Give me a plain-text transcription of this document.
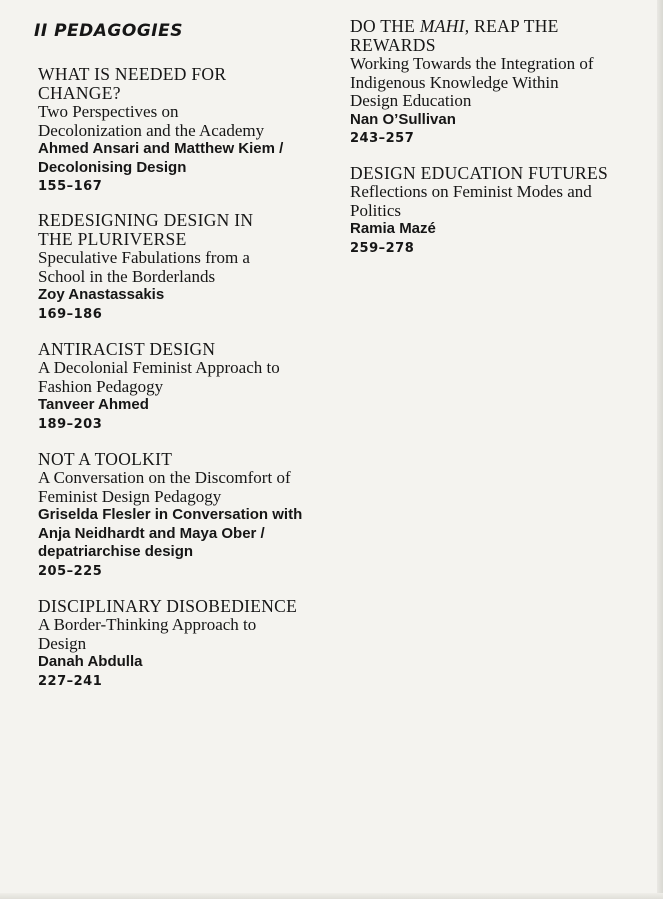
II PEDAGOGIES
WHAT IS NEEDED FOR CHANGE?
Two Perspectives on Decolonization and the Academy
Ahmed Ansari and Matthew Kiem / Decolonising Design
155–167
REDESIGNING DESIGN IN THE PLURIVERSE
Speculative Fabulations from a School in the Borderlands
Zoy Anastassakis
169–186
ANTIRACIST DESIGN
A Decolonial Feminist Approach to Fashion Pedagogy
Tanveer Ahmed
189–203
NOT A TOOLKIT
A Conversation on the Discomfort of Feminist Design Pedagogy
Griselda Flesler in Conversation with Anja Neidhardt and Maya Ober / depatriarchise design
205–225
DISCIPLINARY DISOBEDIENCE
A Border-Thinking Approach to Design
Danah Abdulla
227–241
DO THE MAHI, REAP THE REWARDS
Working Towards the Integration of Indigenous Knowledge Within Design Education
Nan O’Sullivan
243–257
DESIGN EDUCATION FUTURES
Reflections on Feminist Modes and Politics
Ramia Mazé
259–278
